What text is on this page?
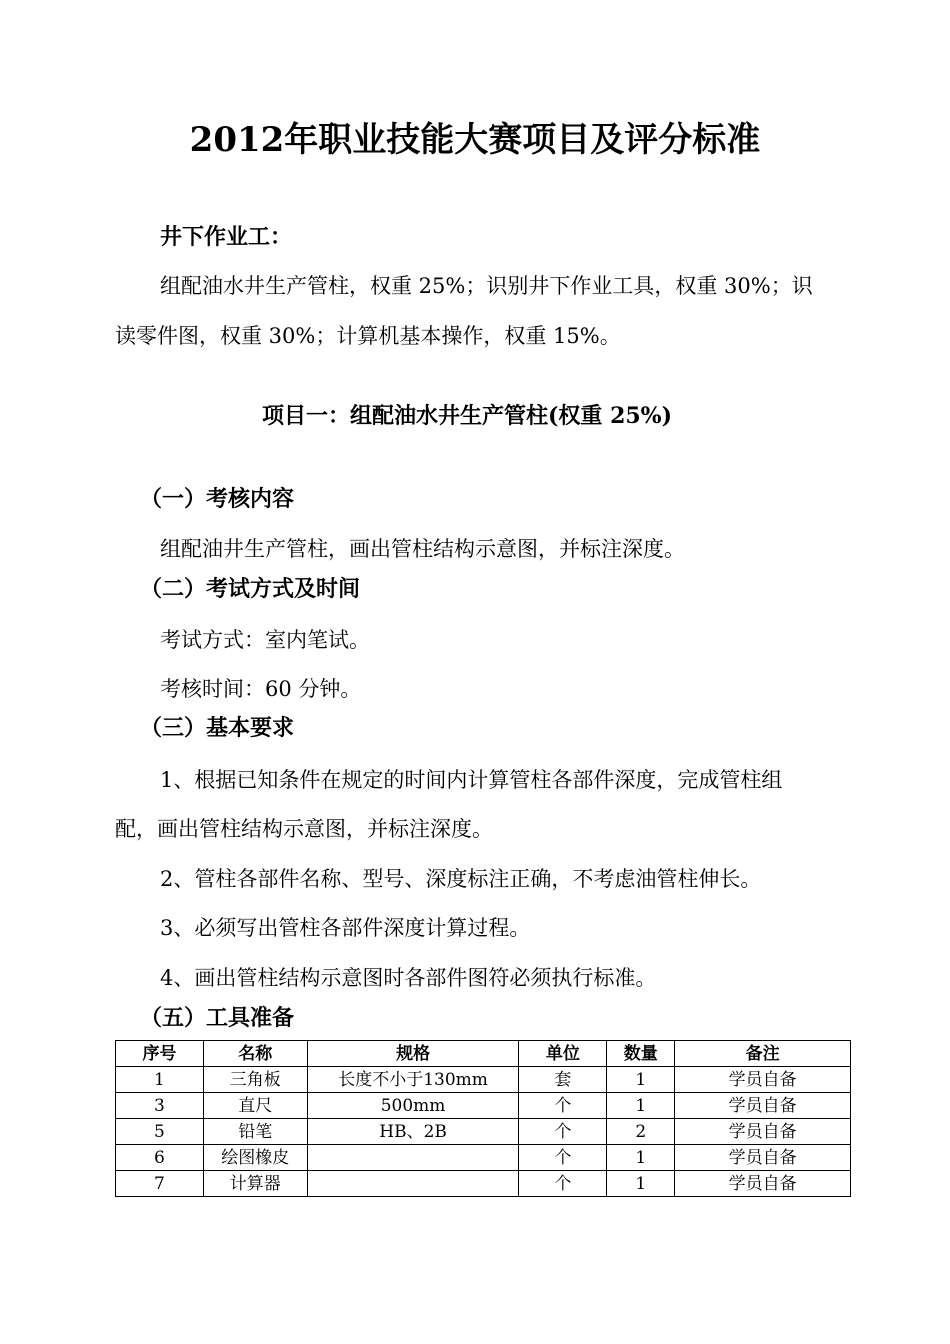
2012年职业技能大赛项目及评分标准
井下作业工：
组配油水井生产管柱，权重 25%；识别井下作业工具，权重 30%；识
读零件图，权重 30%；计算机基本操作，权重 15%。
项目一：组配油水井生产管柱(权重 25%)
（一）考核内容
组配油井生产管柱，画出管柱结构示意图，并标注深度。
（二）考试方式及时间
考试方式：室内笔试。
考核时间：60 分钟。
（三）基本要求
1、根据已知条件在规定的时间内计算管柱各部件深度，完成管柱组
配，画出管柱结构示意图，并标注深度。
2、管柱各部件名称、型号、深度标注正确，不考虑油管柱伸长。
3、必须写出管柱各部件深度计算过程。
4、画出管柱结构示意图时各部件图符必须执行标准。
（五）工具准备
序号	名称	规格	单位	数量	备注
1	三角板	长度不小于130mm	套	1	学员自备
3	直尺	500mm	个	1	学员自备
5	铅笔	HB、2B	个	2	学员自备
6	绘图橡皮		个	1	学员自备
7	计算器		个	1	学员自备
